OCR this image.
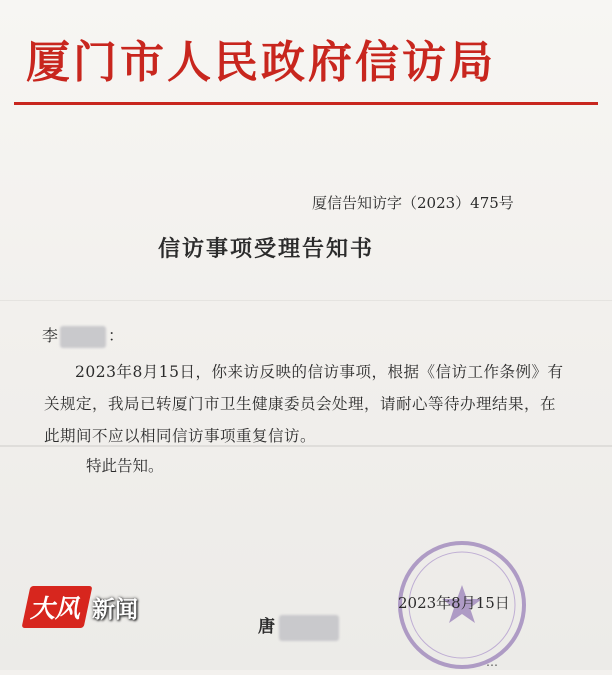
厦门市人民政府信访局
厦信告知访字（2023）475号
信访事项受理告知书
李	：

2023年8月15日，你来访反映的信访事项，根据《信访工作条例》有关规定，我局已转厦门市卫生健康委员会处理，请耐心等待办理结果，在此期间不应以相同信访事项重复信访。

特此告知。
2023年8月15日
唐
大风 新闻
…
